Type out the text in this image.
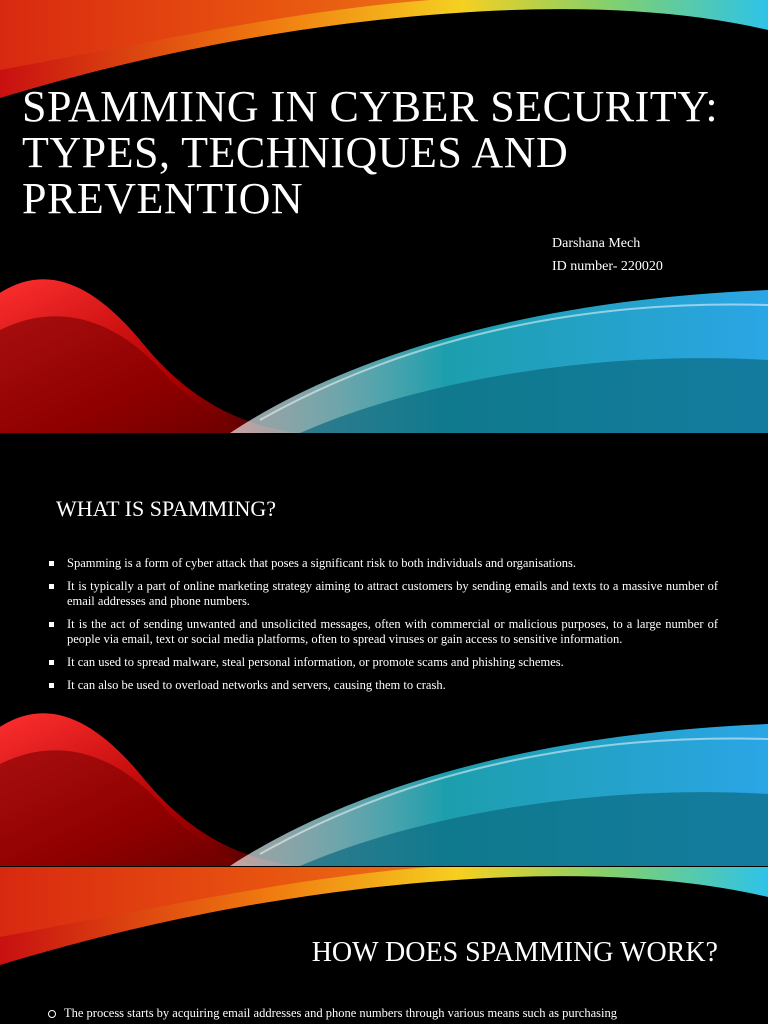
SPAMMING IN CYBER SECURITY: TYPES, TECHNIQUES AND PREVENTION
Darshana Mech
ID number- 220020
WHAT IS SPAMMING?
Spamming is a form of cyber attack that poses a significant risk to both individuals and organisations.
It is typically a part of online marketing strategy aiming to attract customers by sending emails and texts to a massive number of email addresses and phone numbers.
It is the act of sending unwanted and unsolicited messages, often with commercial or malicious purposes, to a large number of people via email, text or social media platforms, often to spread viruses or gain access to sensitive information.
It can used to spread malware, steal personal information, or promote scams and phishing schemes.
It can also be used to overload networks and servers, causing them to crash.
HOW DOES SPAMMING WORK?
The process starts by acquiring email addresses and phone numbers through various means such as purchasing
